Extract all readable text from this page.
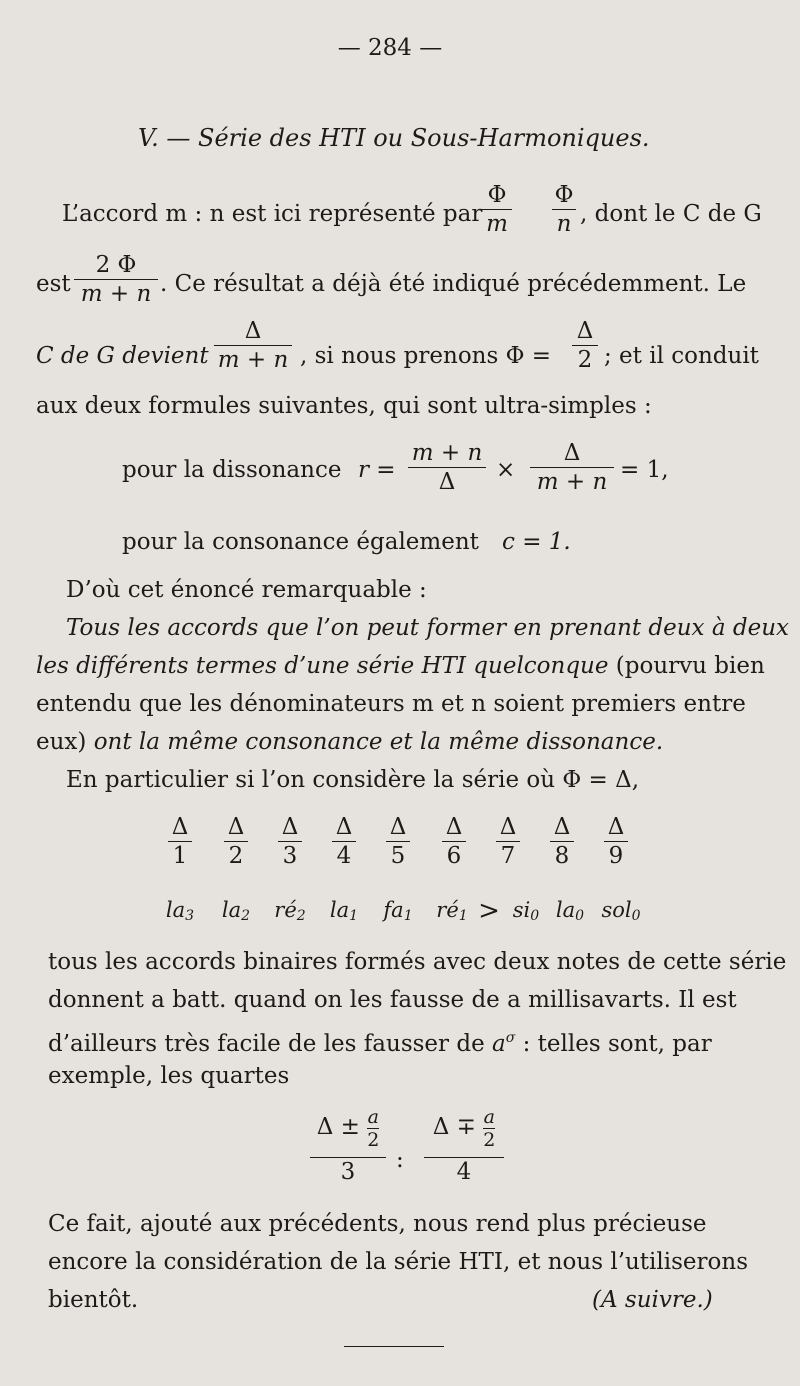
— 284 —
V. — Série des HTI ou Sous-Harmoniques.
L’accord m : n est ici représenté par
Φ
m
Φ
n , dont le C de G
est
2 Φ
m + n . Ce résultat a déjà été indiqué précédemment. Le
C de G devient
Δ
m + n , si nous prenons Φ =
Δ
2 ; et il conduit
aux deux formules suivantes, qui sont ultra-simples :
pour la dissonance r =
m + n
Δ	×
Δ
m + n = 1,
pour la consonance également c = 1.
D’où cet énoncé remarquable :
Tous les accords que l’on peut former en prenant deux à deux
les différents termes d’une série HTI quelconque (pourvu bien
entendu que les dénominateurs m et n soient premiers entre
eux) ont la même consonance et la même dissonance.
En particulier si l’on considère la série où Φ = Δ,
Δ
1
Δ
2
Δ
3
Δ
4
Δ
5
Δ
6
Δ
7
Δ
8
Δ
9
$la_3$ $la_2$ $ré_2$	$la_1$ $fa_1$ $ré_1 > si_0$ $la_0$ sol$_0$
tous les accords binaires formés avec deux notes de cette série
donnent a batt. quand on les fausse de a millisavarts. Il est
d’ailleurs très facile de les fausser de $a^\sigma$ : telles sont, par
exemple, les quartes
$\Delta \pm \frac{a}{2}$
3	:
$\Delta \mp \frac{a}{2}$
4
Ce fait, ajouté aux précédents, nous rend plus précieuse
encore la considération de la série HTI, et nous l’utiliserons
bientôt.	(A suivre.)
